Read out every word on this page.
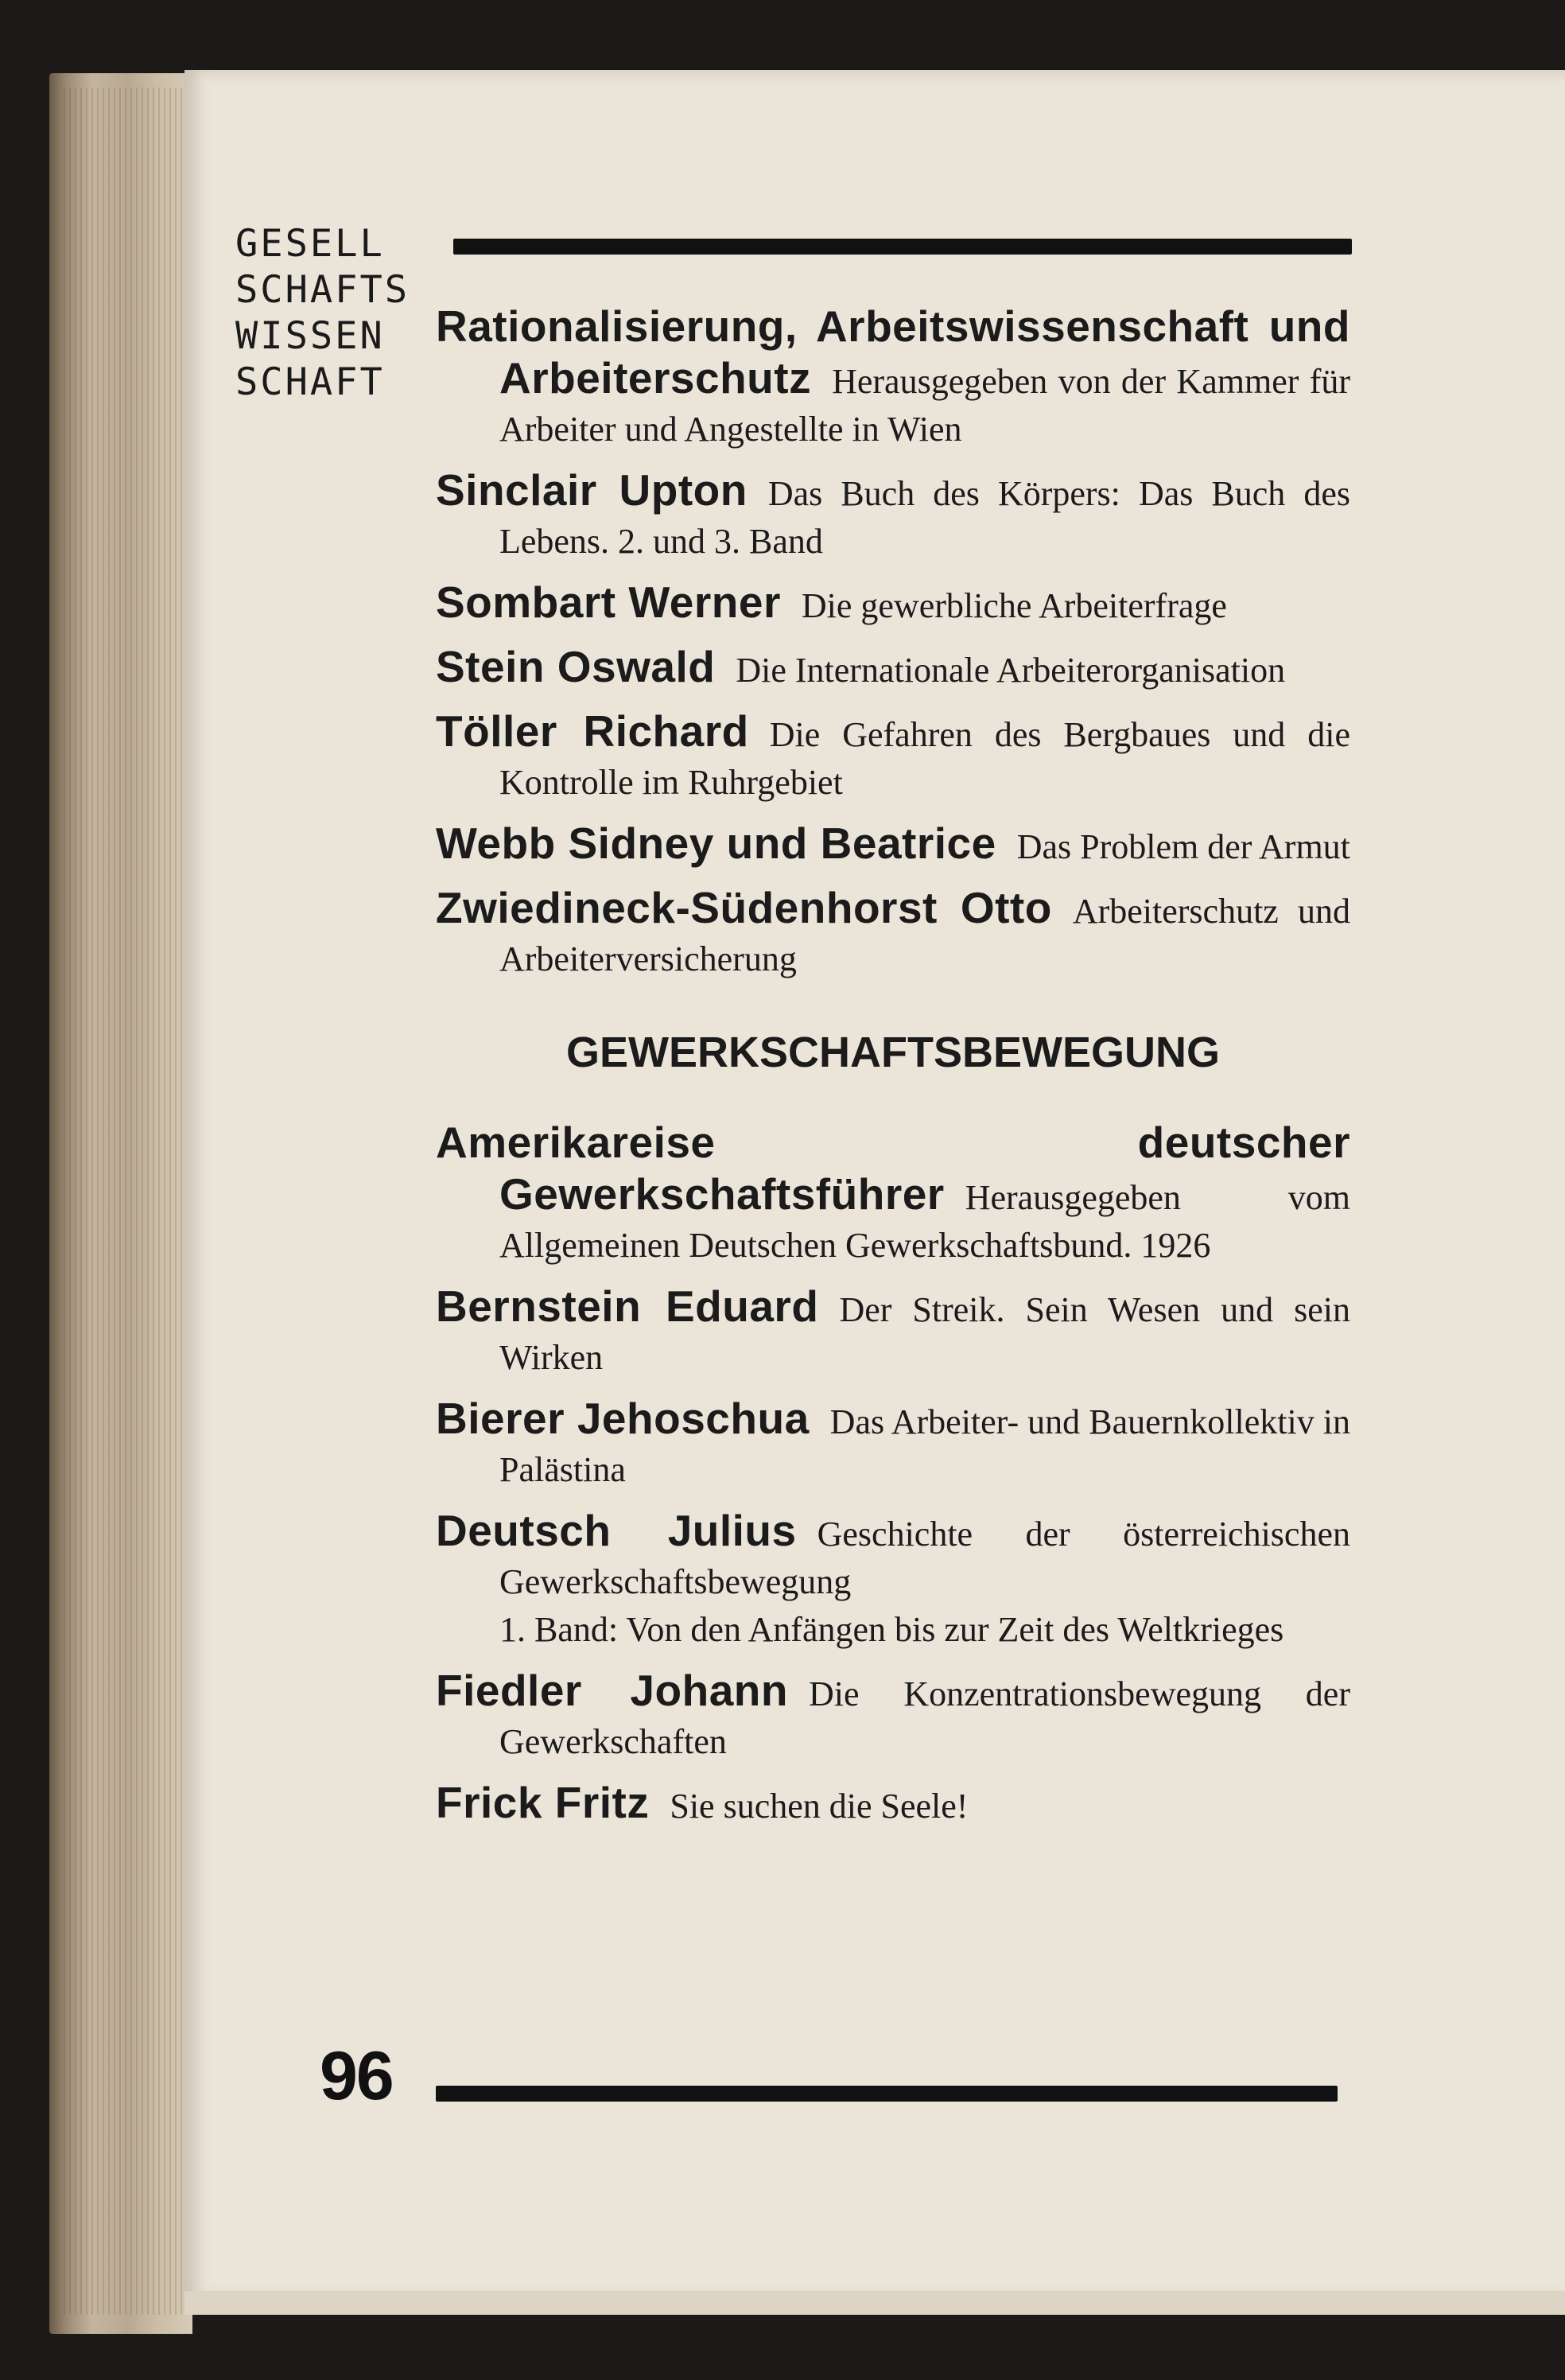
GESELL
SCHAFTS
WISSEN
SCHAFT
Rationalisierung, Arbeitswissenschaft und Arbeiterschutz Herausgegeben von der Kammer für Arbeiter und Angestellte in Wien
Sinclair Upton Das Buch des Körpers: Das Buch des Lebens. 2. und 3. Band
Sombart Werner Die gewerbliche Arbeiterfrage
Stein Oswald Die Internationale Arbeiterorganisation
Töller Richard Die Gefahren des Bergbaues und die Kontrolle im Ruhrgebiet
Webb Sidney und Beatrice Das Problem der Armut
Zwiedineck-Südenhorst Otto Arbeiterschutz und Arbeiterversicherung
GEWERKSCHAFTSBEWEGUNG
Amerikareise deutscher Gewerkschaftsführer Herausgegeben vom Allgemeinen Deutschen Gewerkschaftsbund. 1926
Bernstein Eduard Der Streik. Sein Wesen und sein Wirken
Bierer Jehoschua Das Arbeiter- und Bauernkollektiv in Palästina
Deutsch Julius Geschichte der österreichischen Gewerkschaftsbewegung
1. Band: Von den Anfängen bis zur Zeit des Weltkrieges
Fiedler Johann Die Konzentrationsbewegung der Gewerkschaften
Frick Fritz Sie suchen die Seele!
96
